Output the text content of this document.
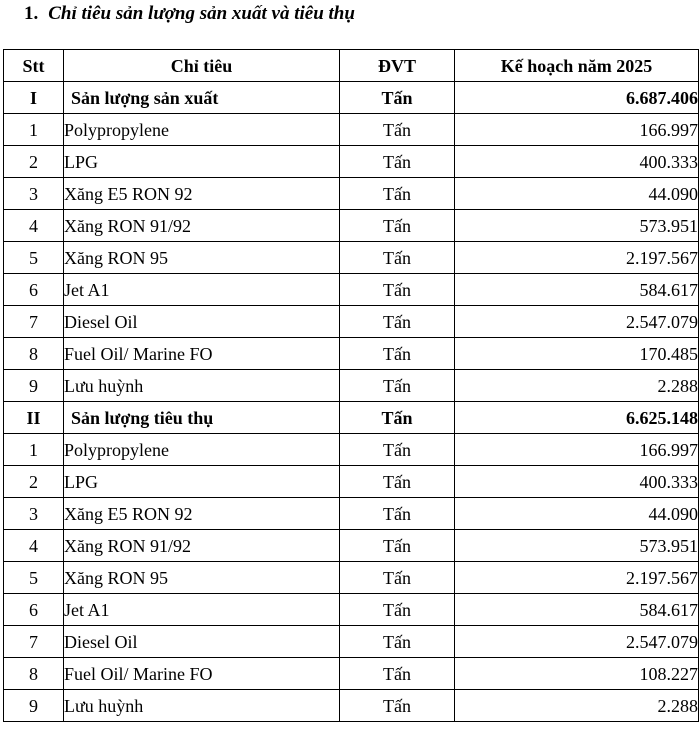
1. Chỉ tiêu sản lượng sản xuất và tiêu thụ
Stt	Chỉ tiêu	ĐVT	Kế hoạch năm 2025
I	Sản lượng sản xuất	Tấn	6.687.406
1	Polypropylene	Tấn	166.997
2	LPG	Tấn	400.333
3	Xăng E5 RON 92	Tấn	44.090
4	Xăng RON 91/92	Tấn	573.951
5	Xăng RON 95	Tấn	2.197.567
6	Jet A1	Tấn	584.617
7	Diesel Oil	Tấn	2.547.079
8	Fuel Oil/ Marine FO	Tấn	170.485
9	Lưu huỳnh	Tấn	2.288
II	Sản lượng tiêu thụ	Tấn	6.625.148
1	Polypropylene	Tấn	166.997
2	LPG	Tấn	400.333
3	Xăng E5 RON 92	Tấn	44.090
4	Xăng RON 91/92	Tấn	573.951
5	Xăng RON 95	Tấn	2.197.567
6	Jet A1	Tấn	584.617
7	Diesel Oil	Tấn	2.547.079
8	Fuel Oil/ Marine FO	Tấn	108.227
9	Lưu huỳnh	Tấn	2.288
